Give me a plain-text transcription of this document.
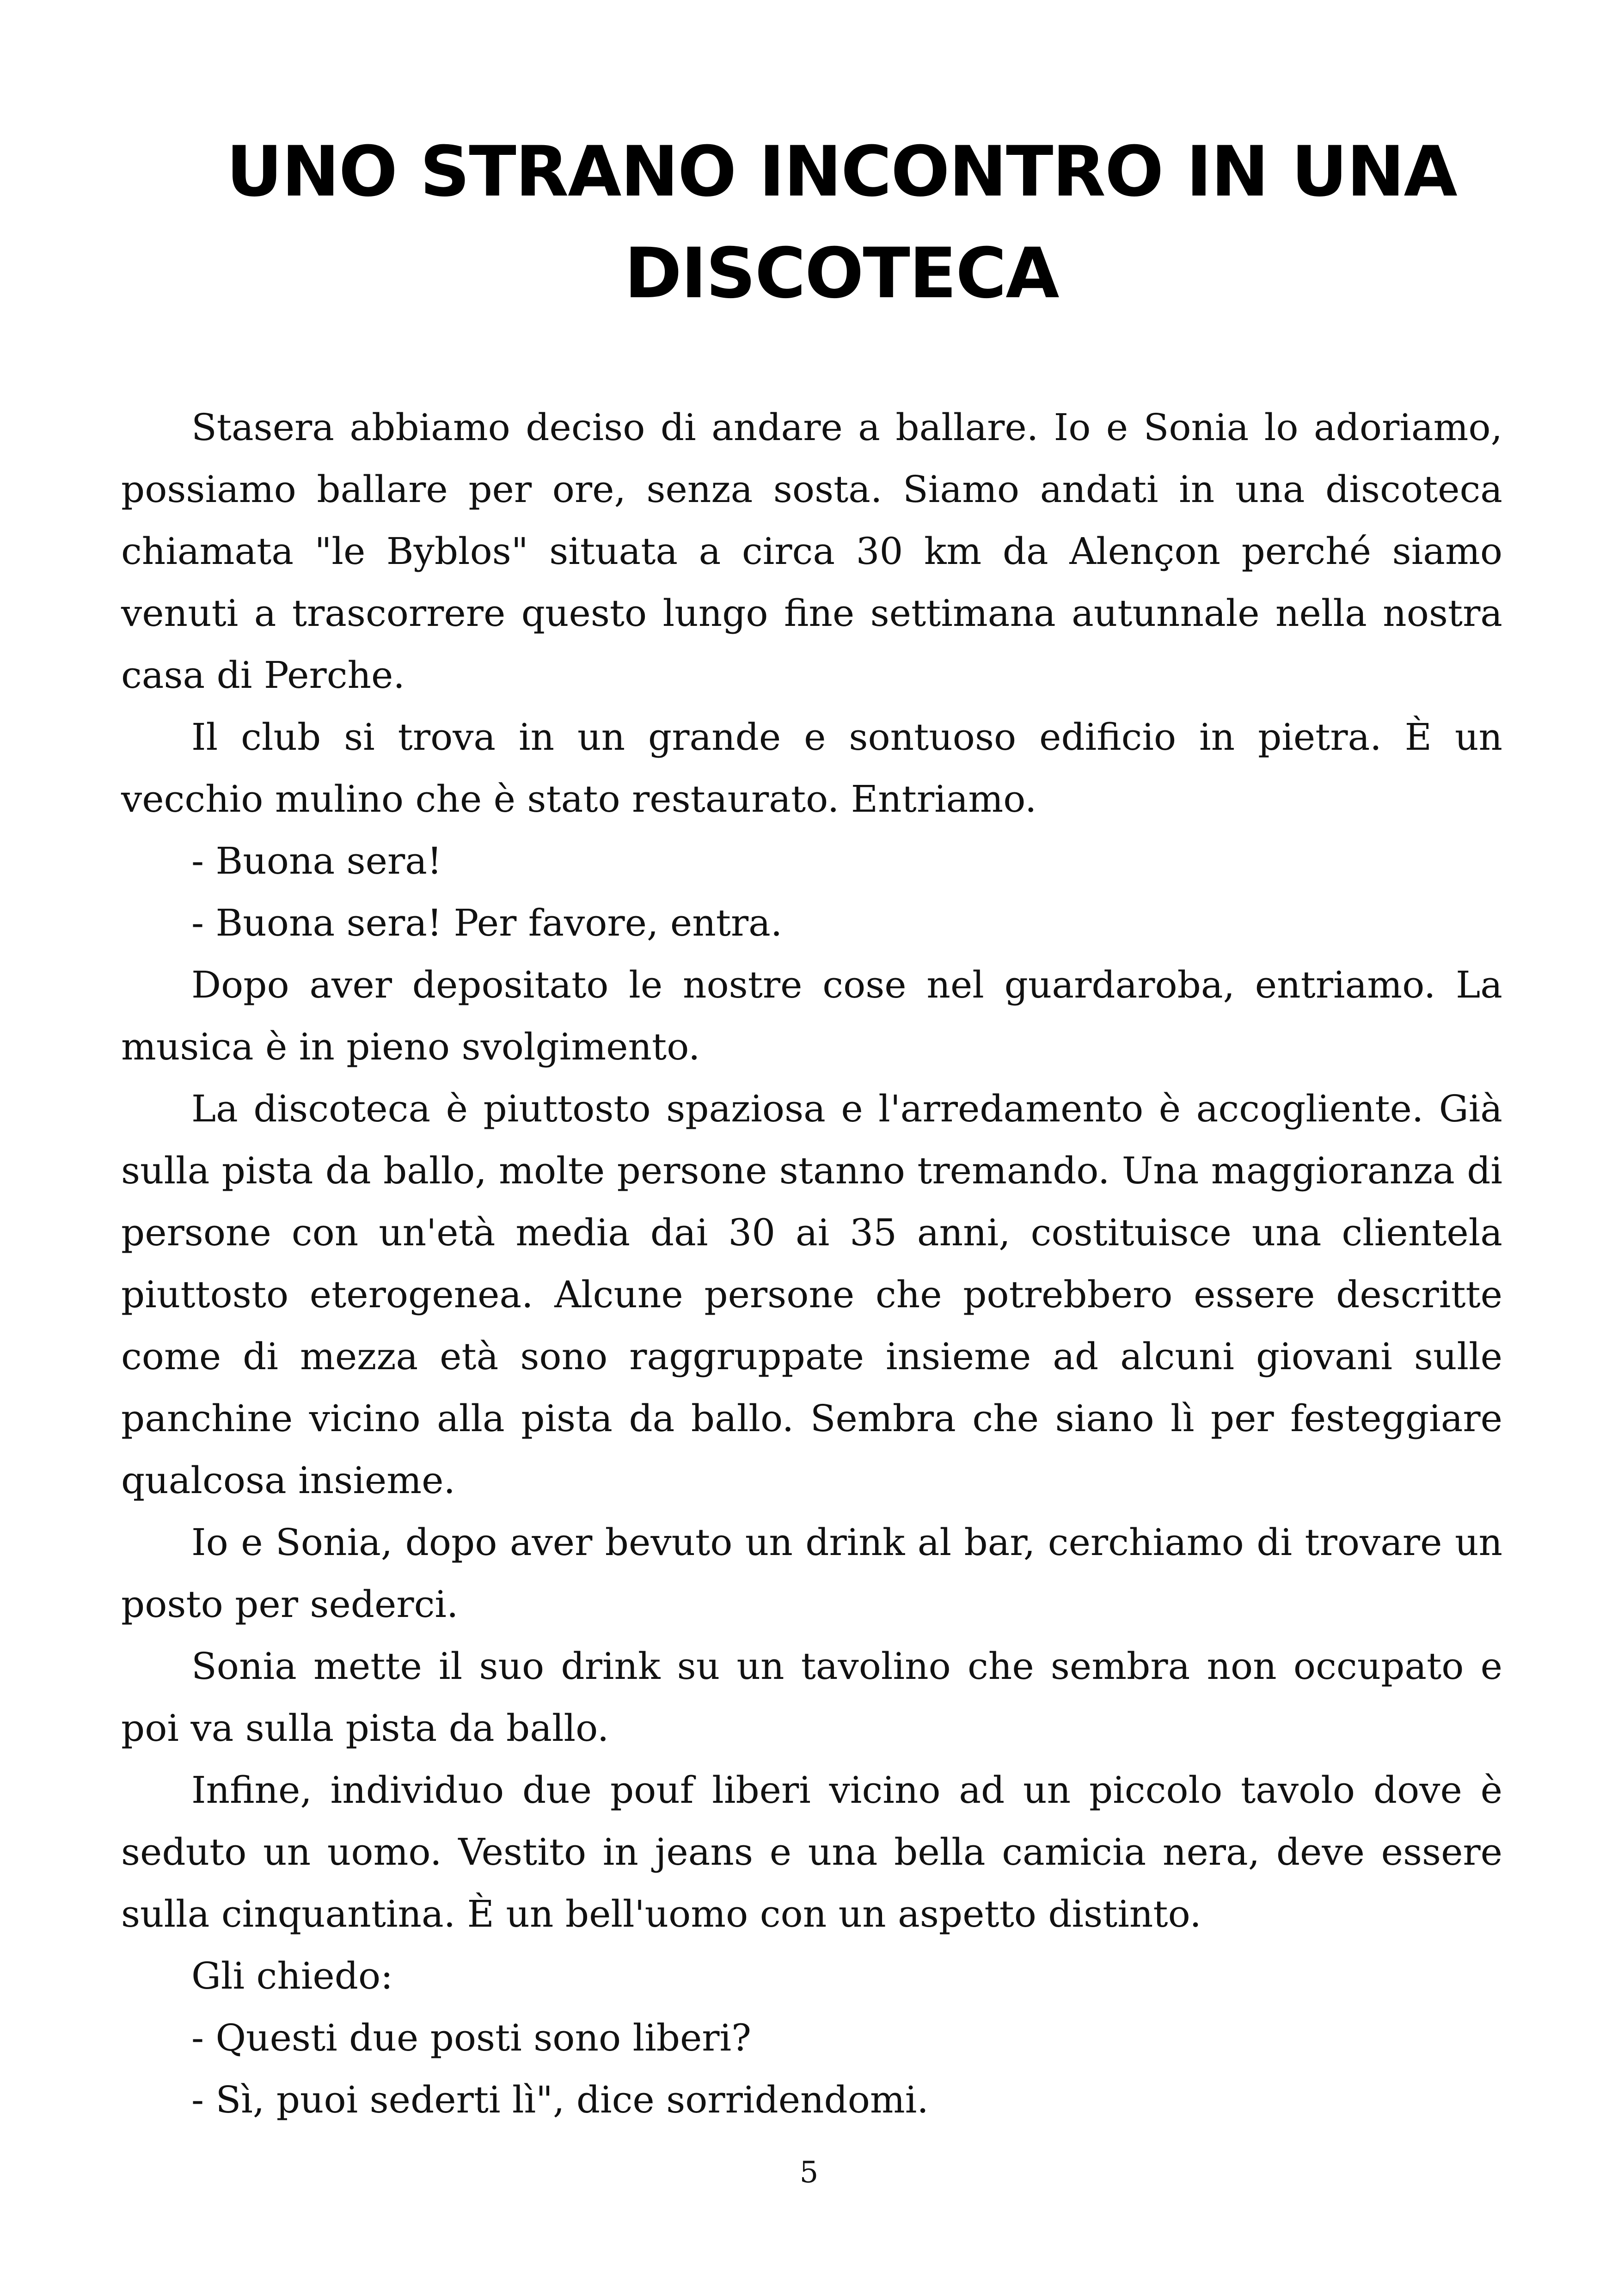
UNO STRANO INCONTRO IN UNA
DISCOTECA

Stasera abbiamo deciso di andare a ballare. Io e Sonia lo adoriamo, possiamo ballare per ore, senza sosta. Siamo andati in una discoteca chiamata "le Byblos" situata a circa 30 km da Alençon perché siamo venuti a trascorrere questo lungo fine settimana autunnale nella nostra casa di Perche.

Il club si trova in un grande e sontuoso edificio in pietra. È un vecchio mulino che è stato restaurato. Entriamo.

- Buona sera!

- Buona sera! Per favore, entra.

Dopo aver depositato le nostre cose nel guardaroba, entriamo. La musica è in pieno svolgimento.

La discoteca è piuttosto spaziosa e l'arredamento è accogliente. Già sulla pista da ballo, molte persone stanno tremando. Una maggioranza di persone con un'età media dai 30 ai 35 anni, costituisce una clientela piuttosto eterogenea. Alcune persone che potrebbero essere descritte come di mezza età sono raggruppate insieme ad alcuni giovani sulle panchine vicino alla pista da ballo. Sembra che siano lì per festeggiare qualcosa insieme.

Io e Sonia, dopo aver bevuto un drink al bar, cerchiamo di trovare un posto per sederci.

Sonia mette il suo drink su un tavolino che sembra non occupato e poi va sulla pista da ballo.

Infine, individuo due pouf liberi vicino ad un piccolo tavolo dove è seduto un uomo. Vestito in jeans e una bella camicia nera, deve essere sulla cinquantina. È un bell'uomo con un aspetto distinto.

Gli chiedo:

- Questi due posti sono liberi?

- Sì, puoi sederti lì", dice sorridendomi.

5
